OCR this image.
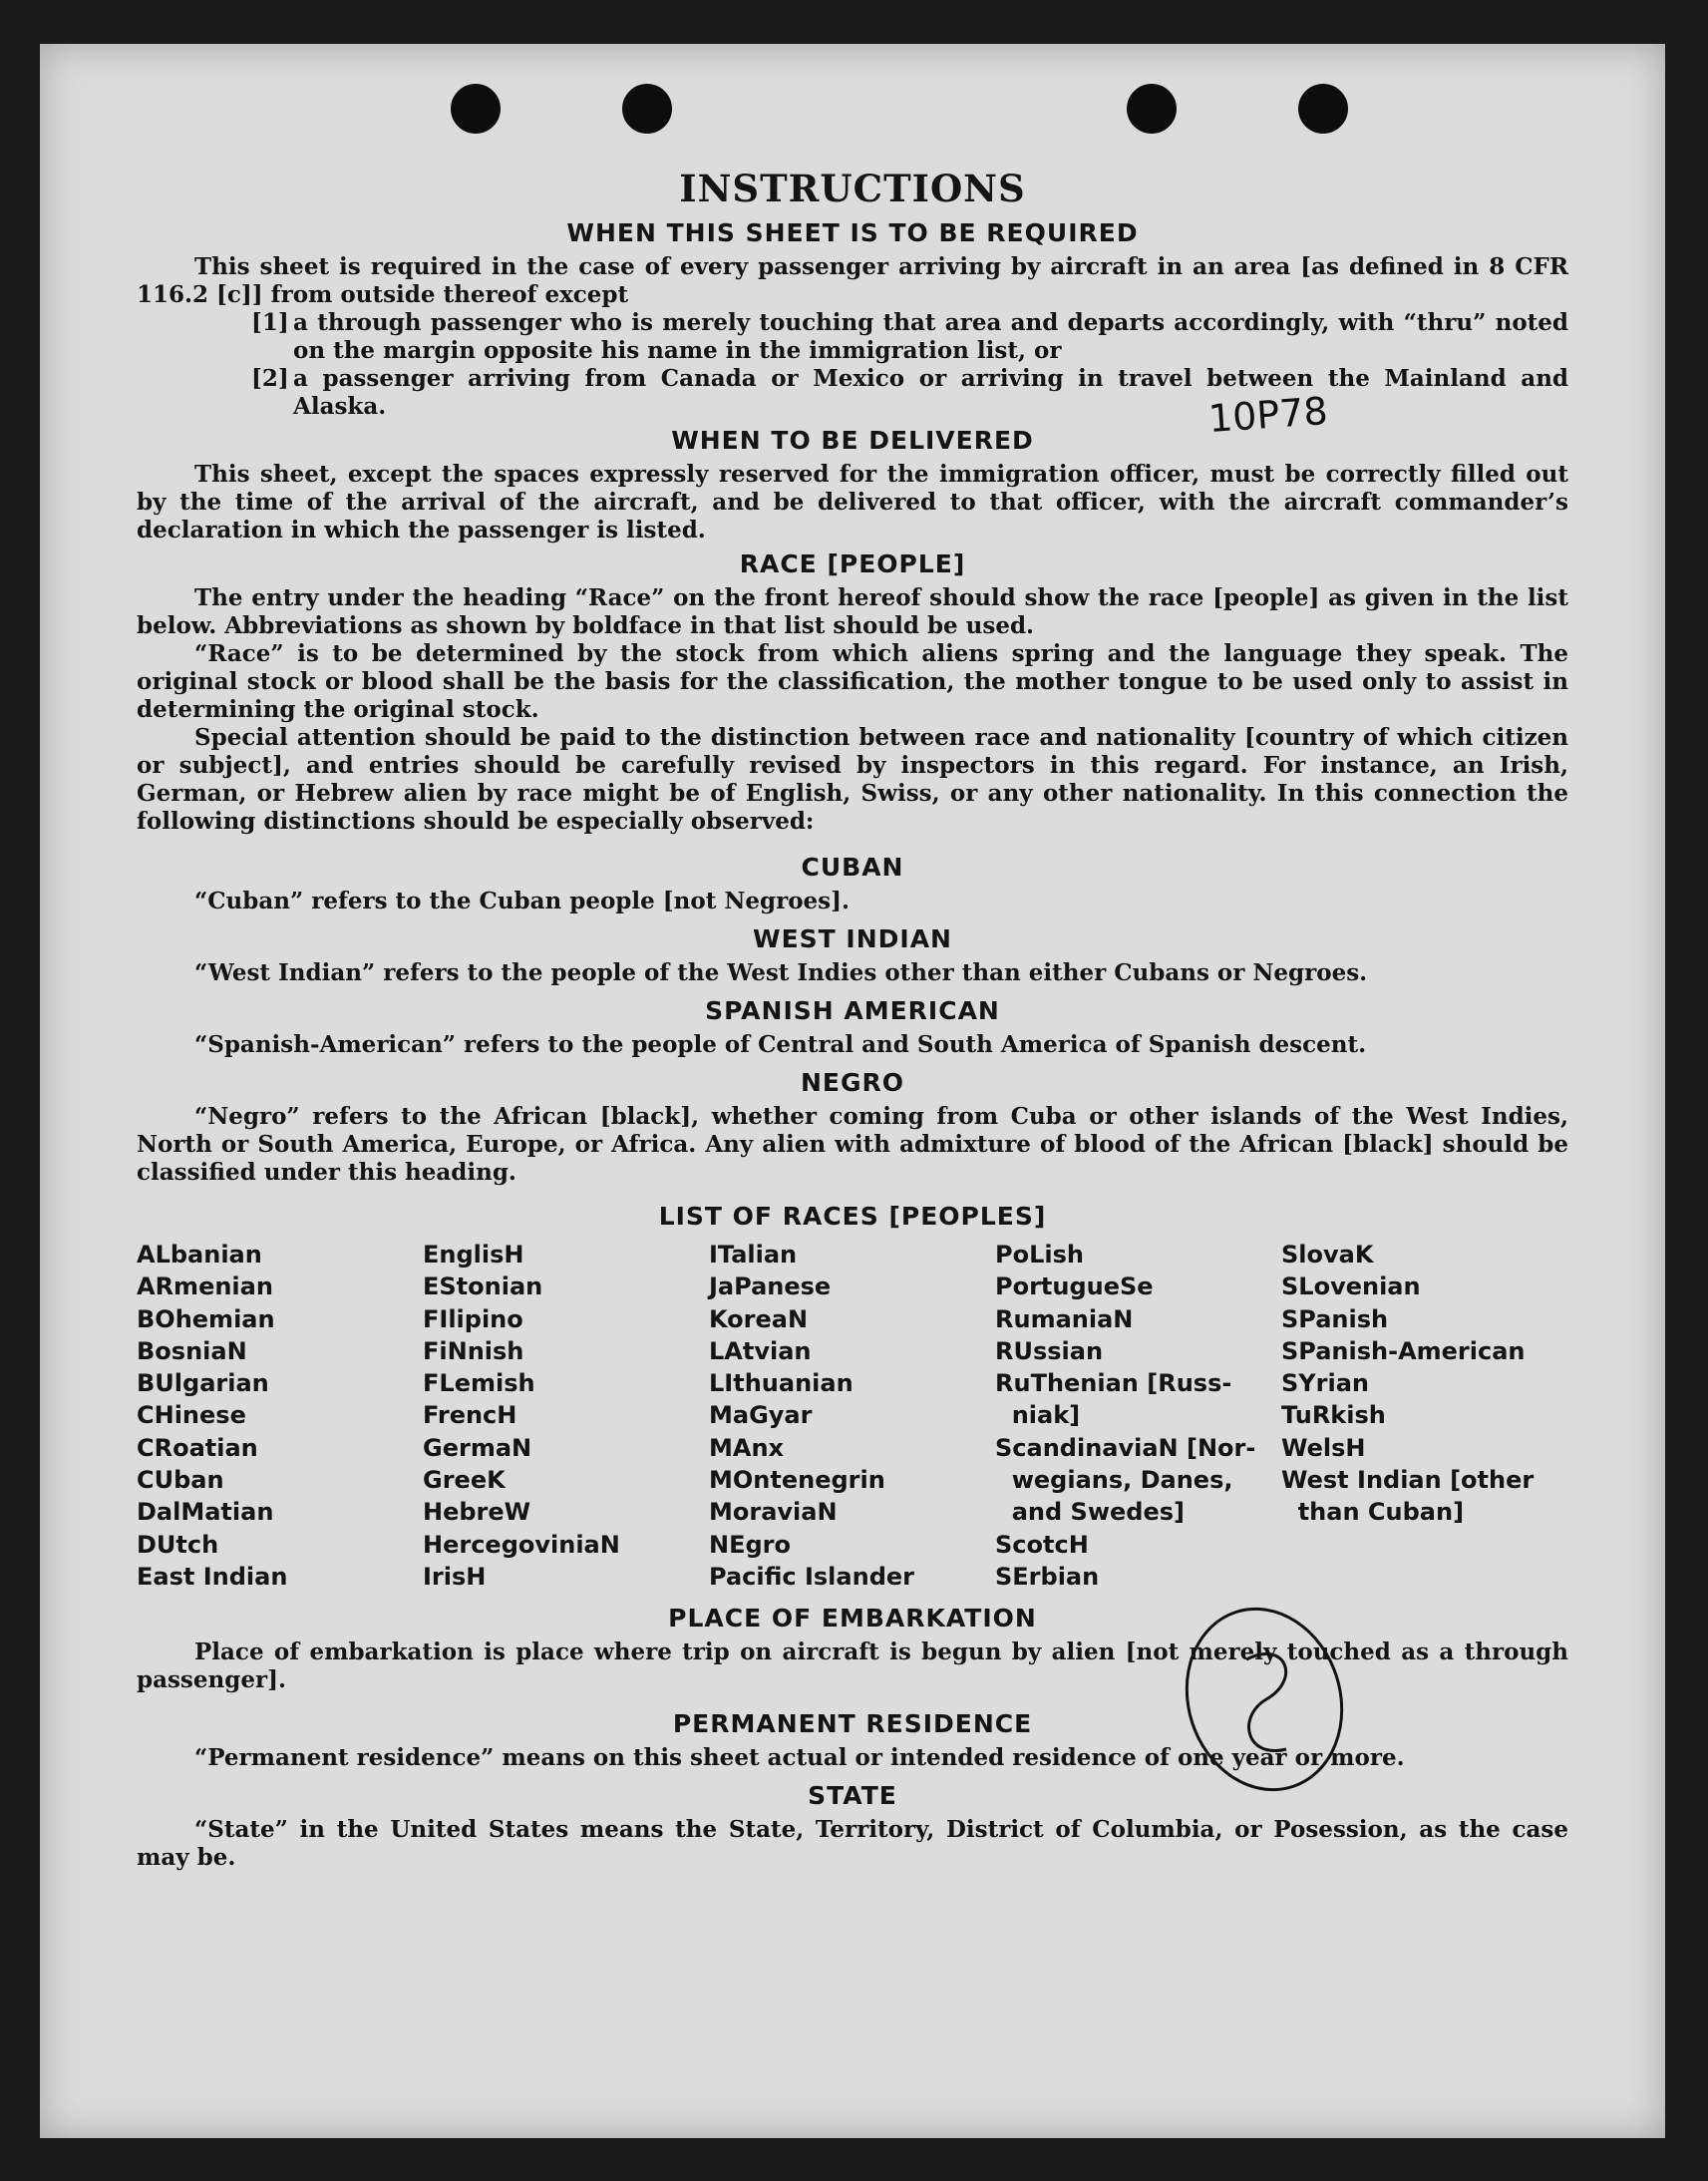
10P78
INSTRUCTIONS
WHEN THIS SHEET IS TO BE REQUIRED

This sheet is required in the case of every passenger arriving by aircraft in an area [as defined in 8 CFR 116.2 [c]] from outside thereof except

[1] a through passenger who is merely touching that area and departs accordingly, with “thru” noted on the margin opposite his name in the immigration list, or
[2] a passenger arriving from Canada or Mexico or arriving in travel between the Mainland and Alaska.
WHEN TO BE DELIVERED

This sheet, except the spaces expressly reserved for the immigration officer, must be correctly filled out by the time of the arrival of the aircraft, and be delivered to that officer, with the aircraft commander’s declaration in which the passenger is listed.

RACE [PEOPLE]

The entry under the heading “Race” on the front hereof should show the race [people] as given in the list below. Abbreviations as shown by boldface in that list should be used.

“Race” is to be determined by the stock from which aliens spring and the language they speak. The original stock or blood shall be the basis for the classification, the mother tongue to be used only to assist in determining the original stock.

Special attention should be paid to the distinction between race and nationality [country of which citizen or subject], and entries should be carefully revised by inspectors in this regard. For instance, an Irish, German, or Hebrew alien by race might be of English, Swiss, or any other nationality. In this connection the following distinctions should be especially observed:

CUBAN

“Cuban” refers to the Cuban people [not Negroes].

WEST INDIAN

“West Indian” refers to the people of the West Indies other than either Cubans or Negroes.

SPANISH AMERICAN

“Spanish-American” refers to the people of Central and South America of Spanish descent.

NEGRO

“Negro” refers to the African [black], whether coming from Cuba or other islands of the West Indies, North or South America, Europe, or Africa. Any alien with admixture of blood of the African [black] should be classified under this heading.

LIST OF RACES [PEOPLES]
ALbanian
ARmenian
BOhemian
BosniaN
BUlgarian
CHinese
CRoatian
CUban
DalMatian
DUtch
East Indian
EnglisH
EStonian
FIlipino
FiNnish
FLemish
FrencH
GermaN
GreeK
HebreW
HercegoviniaN
IrisH
ITalian
JaPanese
KoreaN
LAtvian
LIthuanian
MaGyar
MAnx
MOntenegrin
MoraviaN
NEgro
Pacific Islander
PoLish
PortugueSe
RumaniaN
RUssian
RuThenian [Russ-
niak]
ScandinaviaN [Nor-
wegians, Danes,
and Swedes]
ScotcH
SErbian
SlovaK
SLovenian
SPanish
SPanish-American
SYrian
TuRkish
WelsH
West Indian [other
than Cuban]
PLACE OF EMBARKATION

Place of embarkation is place where trip on aircraft is begun by alien [not merely touched as a through passenger].

PERMANENT RESIDENCE

“Permanent residence” means on this sheet actual or intended residence of one year or more.

STATE

“State” in the United States means the State, Territory, District of Columbia, or Posession, as the case may be.
